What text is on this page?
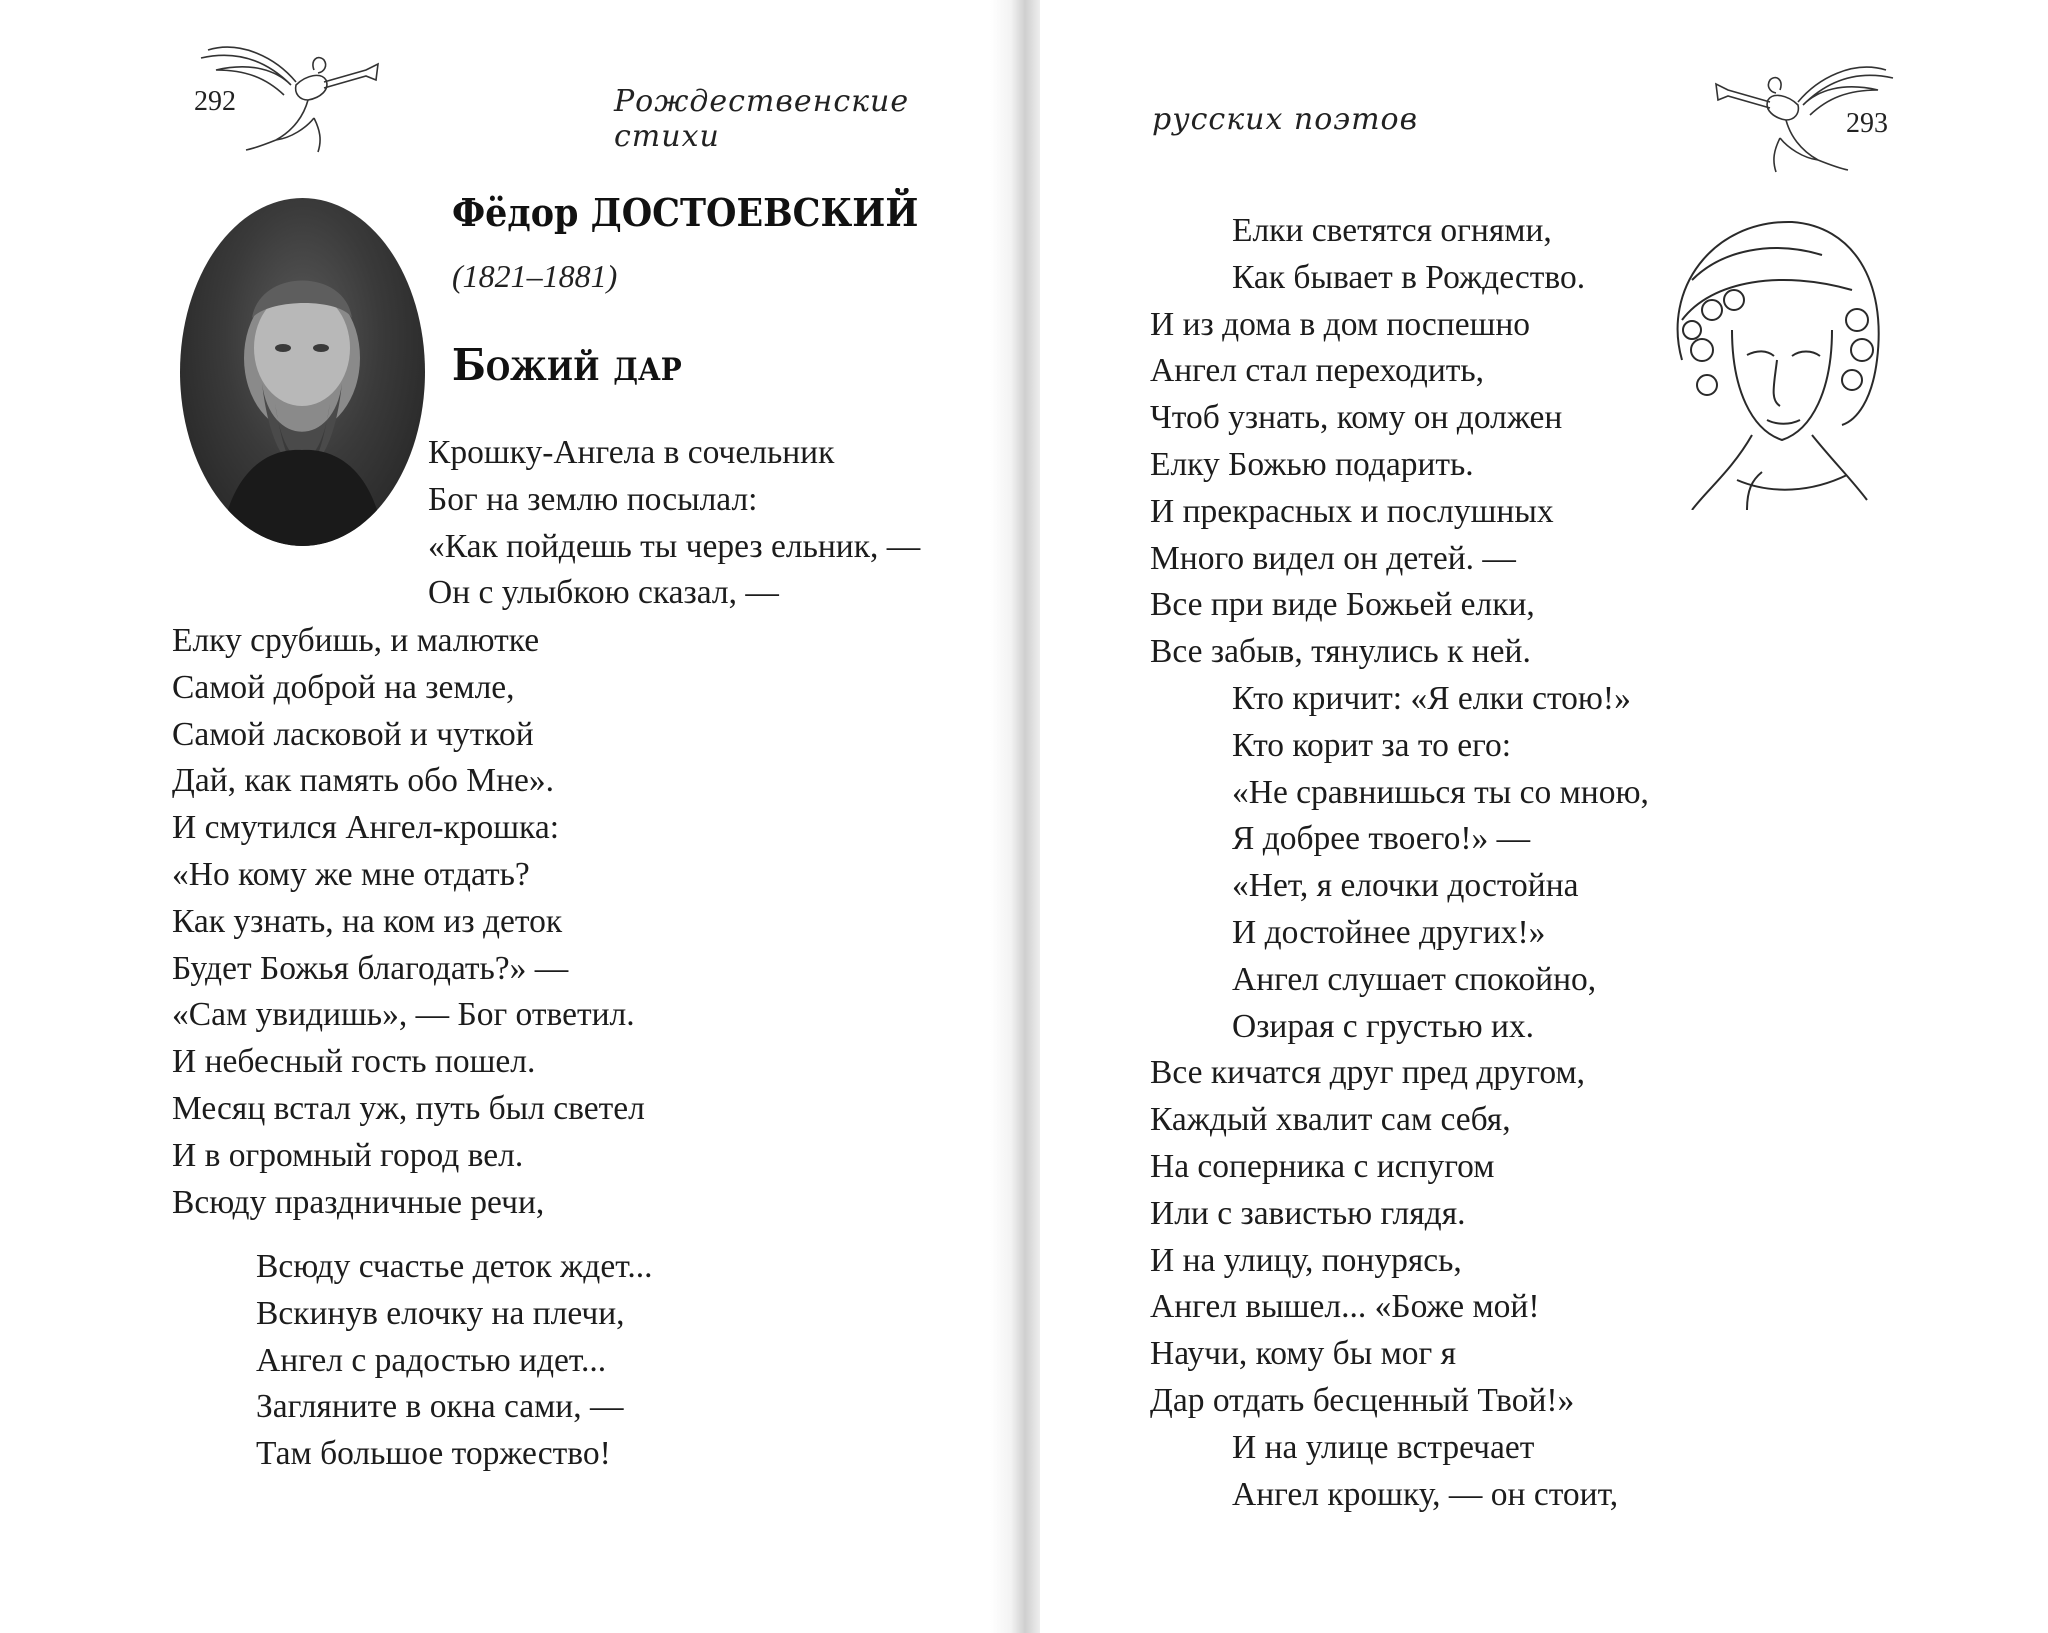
292	Рождественские стихи
Фёдор ДОСТОЕВСКИЙ
(1821–1881)
Божий дар
Крошку-Ангела в сочельник
Бог на землю посылал:
«Как пойдешь ты через ельник, —
Он с улыбкою сказал, —
Елку срубишь, и малютке
Самой доброй на земле,
Самой ласковой и чуткой
Дай, как память обо Мне».
И смутился Ангел-крошка:
«Но кому же мне отдать?
Как узнать, на ком из деток
Будет Божья благодать?» —
«Сам увидишь», — Бог ответил.
И небесный гость пошел.
Месяц встал уж, путь был светел
И в огромный город вел.
Всюду праздничные речи,
Всюду счастье деток ждет...
Вскинув елочку на плечи,
Ангел с радостью идет...
Загляните в окна сами, —
Там большое торжество!
русских поэтов	293
Елки светятся огнями,
Как бывает в Рождество.
И из дома в дом поспешно
Ангел стал переходить,
Чтоб узнать, кому он должен
Елку Божью подарить.
И прекрасных и послушных
Много видел он детей. —
Все при виде Божьей елки,
Все забыв, тянулись к ней.
Кто кричит: «Я елки стою!»
Кто корит за то его:
«Не сравнишься ты со мною,
Я добрее твоего!» —
«Нет, я елочки достойна
И достойнее других!»
Ангел слушает спокойно,
Озирая с грустью их.
Все кичатся друг пред другом,
Каждый хвалит сам себя,
На соперника с испугом
Или с завистью глядя.
И на улицу, понурясь,
Ангел вышел... «Боже мой!
Научи, кому бы мог я
Дар отдать бесценный Твой!»
И на улице встречает
Ангел крошку, — он стоит,
